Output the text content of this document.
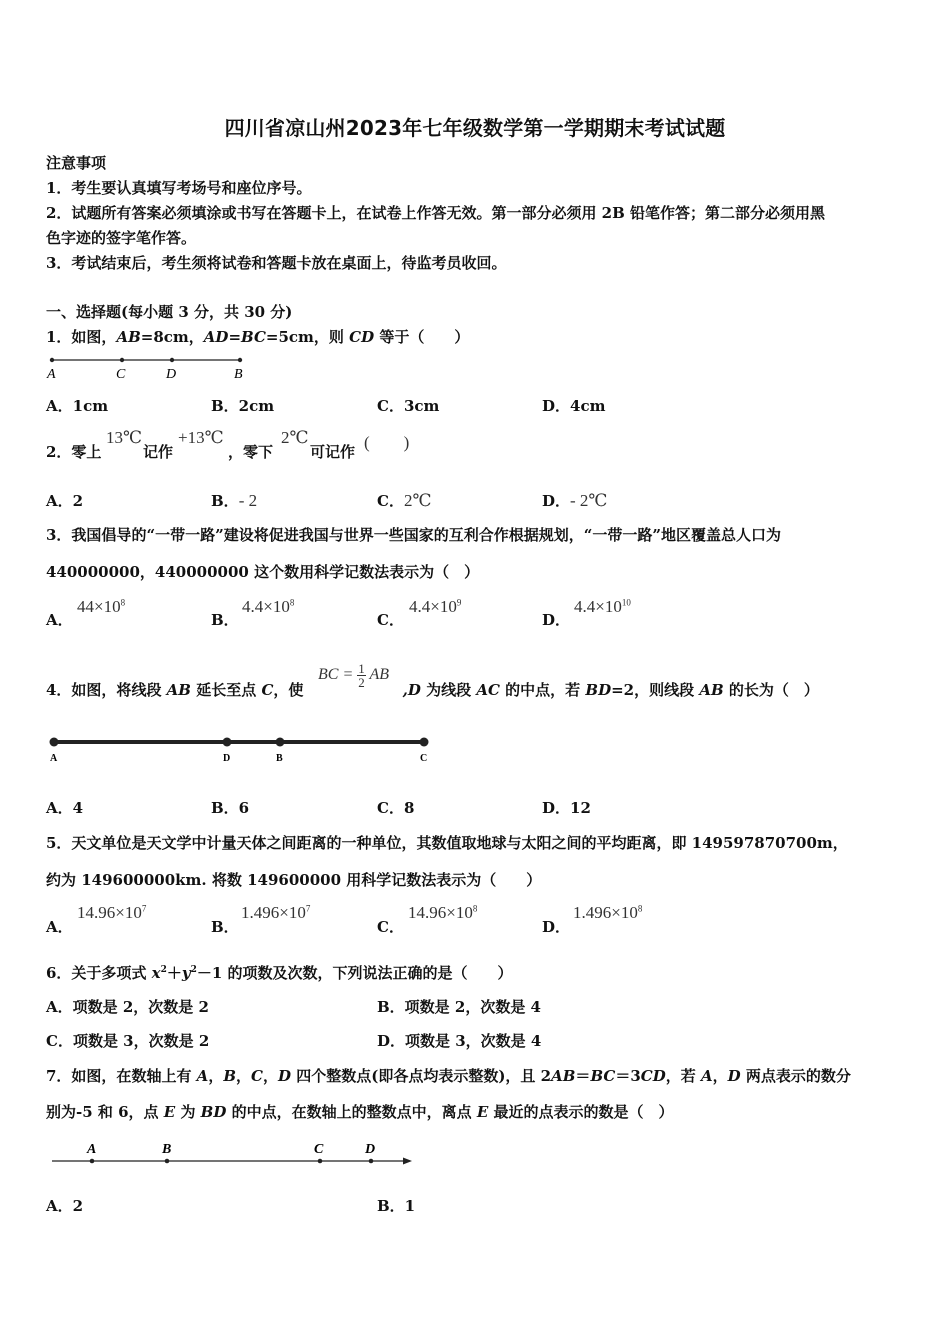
四川省凉山州2023年七年级数学第一学期期末考试试题
注意事项
1．考生要认真填写考场号和座位序号。
2．试题所有答案必须填涂或书写在答题卡上，在试卷上作答无效。第一部分必须用 2B 铅笔作答；第二部分必须用黑
色字迹的签字笔作答。
3．考试结束后，考生须将试卷和答题卡放在桌面上，待监考员收回。
一、选择题(每小题 3 分，共 30 分)
1．如图，AB=8cm，AD=BC=5cm，则 CD 等于（　　）
A	C	D	B
A．1cm	B．2cm	C．3cm	D．4cm
2．零上
13℃
记作
+13℃
，零下
2℃
可记作 (　　)
A．2	B．- 2	C．2℃	D．- 2℃
3．我国倡导的“一带一路”建设将促进我国与世界一些国家的互利合作根据规划，“一带一路”地区覆盖总人口为
440000000，440000000 这个数用科学记数法表示为（　）
A．
$44\times 10^8$
B．
$4.4\times 10^8$
C．
$4.4\times 10^9$
D．
$4.4\times 10^{10}$
4．如图，将线段 AB 延长至点 C，使	,D 为线段 AC 的中点，若 BD=2，则线段 AB 的长为（　）
BC = $\frac{1}{2}$ AB
A	D	B	C
A．4	B．6	C．8	D．12
5．天文单位是天文学中计量天体之间距离的一种单位，其数值取地球与太阳之间的平均距离，即 149597870700m，
约为 149600000km. 将数 149600000 用科学记数法表示为（　　）
A．
$14.96\times 10^7$
B．
$1.496\times 10^7$
C．
$14.96\times 10^8$
D．
$1.496\times 10^8$
6．关于多项式 $x^2+y^2-1$ 的项数及次数，下列说法正确的是（　　）
A．项数是 2，次数是 2	B．项数是 2，次数是 4
C．项数是 3，次数是 2	D．项数是 3，次数是 4
7．如图，在数轴上有 A，B，C，D 四个整数点(即各点均表示整数)，且 2AB＝BC＝3CD，若 A，D 两点表示的数分
别为-5 和 6，点 E 为 BD 的中点，在数轴上的整数点中，离点 E 最近的点表示的数是（　）
A	B	C	D
A．2	B．1
